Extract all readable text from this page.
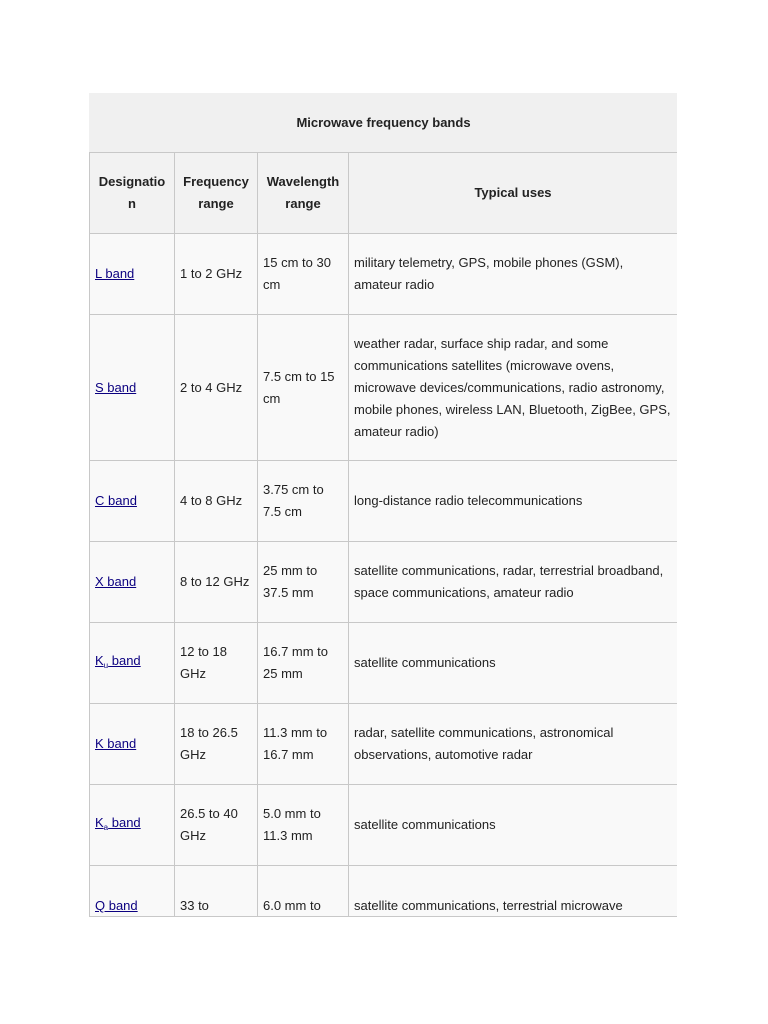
Microwave frequency bands
Designation	Frequency range	Wavelength range	Typical uses
L band	1 to 2 GHz	15 cm to 30 cm	military telemetry, GPS, mobile phones (GSM), amateur radio
S band	2 to 4 GHz	7.5 cm to 15 cm	weather radar, surface ship radar, and some communications satellites (microwave ovens, microwave devices/communications, radio astronomy, mobile phones, wireless LAN, Bluetooth, ZigBee, GPS, amateur radio)
C band	4 to 8 GHz	3.75 cm to 7.5 cm	long-distance radio telecommunications
X band	8 to 12 GHz	25 mm to 37.5 mm	satellite communications, radar, terrestrial broadband, space communications, amateur radio
$K_u$ band	12 to 18 GHz	16.7 mm to 25 mm	satellite communications
K band	18 to 26.5 GHz	11.3 mm to 16.7 mm	radar, satellite communications, astronomical observations, automotive radar
$K_a$ band	26.5 to 40 GHz	5.0 mm to 11.3 mm	satellite communications
Q band	33 to	6.0 mm to	satellite communications, terrestrial microwave
